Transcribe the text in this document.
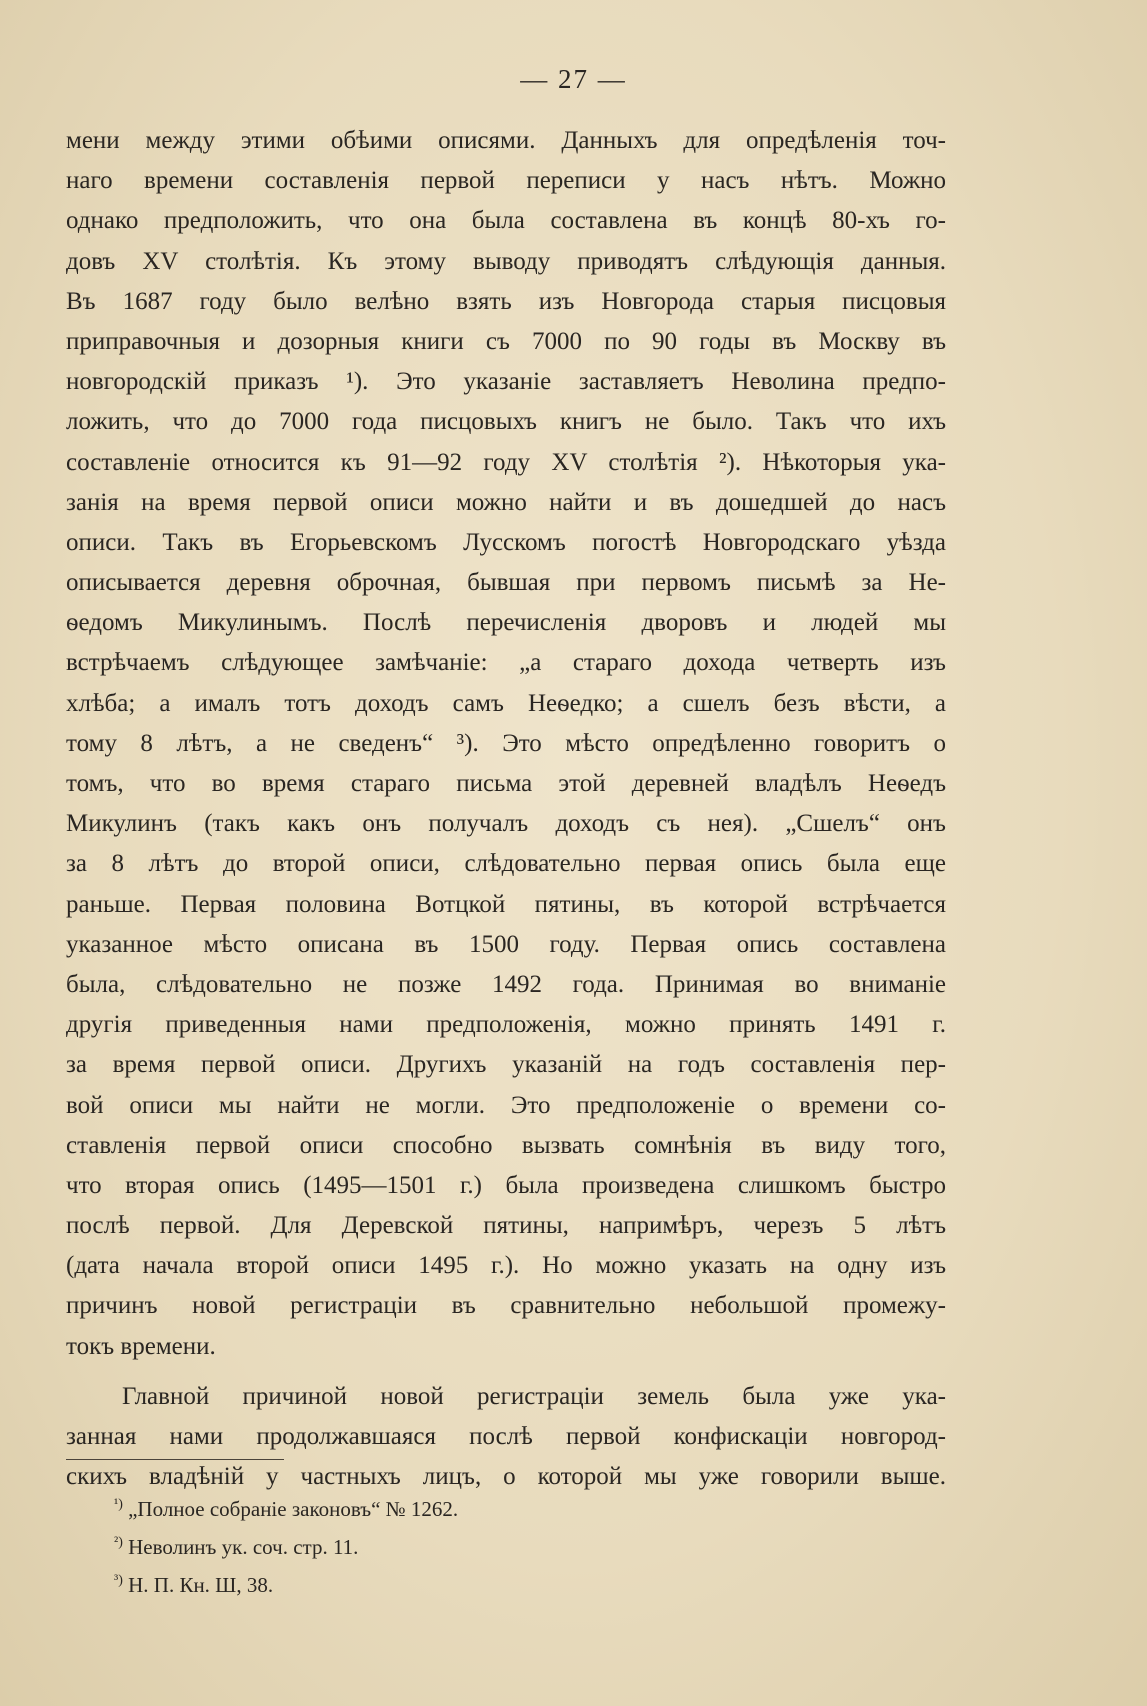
— 27 —
мени между этими обѣими описями. Данныхъ для опредѣленія точ-
наго времени составленія первой переписи у насъ нѣтъ. Можно
однако предположить, что она была составлена въ концѣ 80-хъ го-
довъ XV столѣтія. Къ этому выводу приводятъ слѣдующія данныя.
Въ 1687 году было велѣно взять изъ Новгорода старыя писцовыя
приправочныя и дозорныя книги съ 7000 по 90 годы въ Москву въ
новгородскій приказъ ¹). Это указаніе заставляетъ Неволина предпо-
ложить, что до 7000 года писцовыхъ книгъ не было. Такъ что ихъ
составленіе относится къ 91—92 году XV столѣтія ²). Нѣкоторыя ука-
занія на время первой описи можно найти и въ дошедшей до насъ
описи. Такъ въ Егорьевскомъ Лусскомъ погостѣ Новгородскаго уѣзда
описывается деревня оброчная, бывшая при первомъ письмѣ за Не-
ѳедомъ Микулинымъ. Послѣ перечисленія дворовъ и людей мы
встрѣчаемъ слѣдующее замѣчаніе: „а стараго дохода четверть изъ
хлѣба; а ималъ тотъ доходъ самъ Неѳедко; а сшелъ безъ вѣсти, а
тому 8 лѣтъ, а не сведенъ“ ³). Это мѣсто опредѣленно говоритъ о
томъ, что во время стараго письма этой деревней владѣлъ Неѳедъ
Микулинъ (такъ какъ онъ получалъ доходъ съ нея). „Сшелъ“ онъ
за 8 лѣтъ до второй описи, слѣдовательно первая опись была еще
раньше. Первая половина Вотцкой пятины, въ которой встрѣчается
указанное мѣсто описана въ 1500 году. Первая опись составлена
была, слѣдовательно не позже 1492 года. Принимая во вниманіе
другія приведенныя нами предположенія, можно принять 1491 г.
за время первой описи. Другихъ указаній на годъ составленія пер-
вой описи мы найти не могли. Это предположеніе о времени со-
ставленія первой описи способно вызвать сомнѣнія въ виду того,
что вторая опись (1495—1501 г.) была произведена слишкомъ быстро
послѣ первой. Для Деревской пятины, напримѣръ, черезъ 5 лѣтъ
(дата начала второй описи 1495 г.). Но можно указать на одну изъ
причинъ новой регистраціи въ сравнительно небольшой промежу-
токъ времени.
Главной причиной новой регистраціи земель была уже ука-
занная нами продолжавшаяся послѣ первой конфискаціи новгород-
скихъ владѣній у частныхъ лицъ, о которой мы уже говорили выше.
$^{^1)}$ „Полное собраніе законовъ“ № 1262.
$^{^2)}$ Неволинъ ук. соч. стр. 11.
$^{^3)}$ Н. П. Кн. Ш, 38.
